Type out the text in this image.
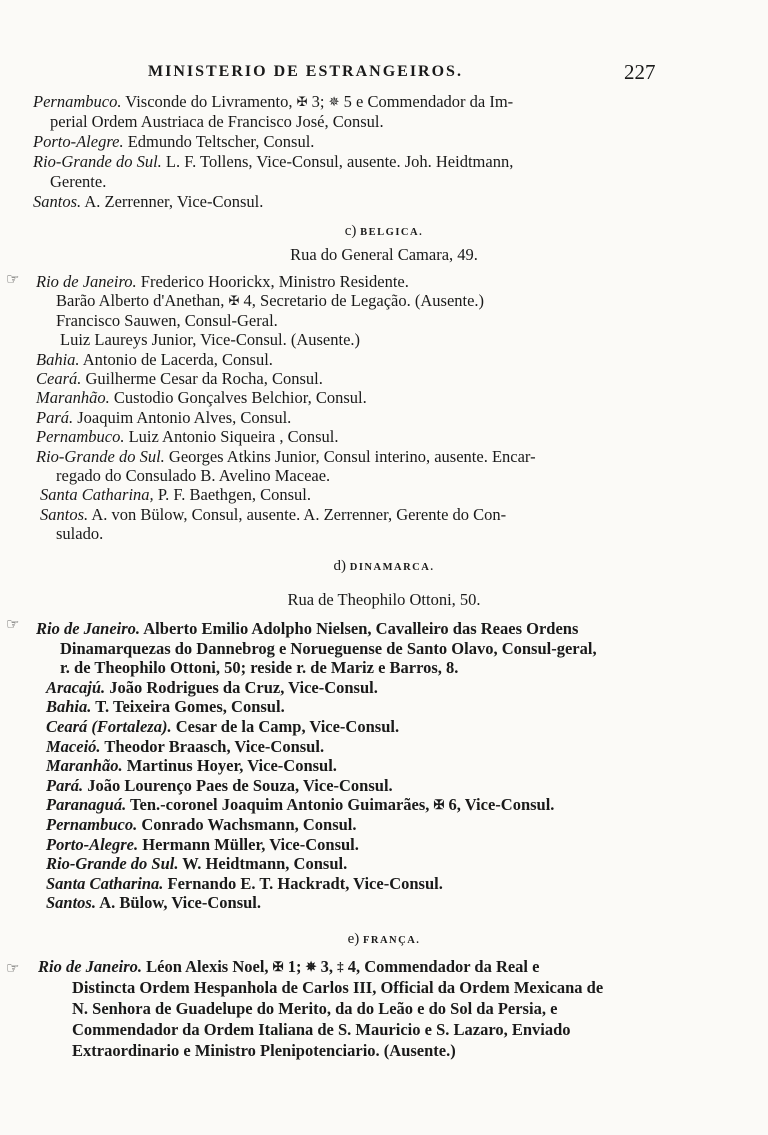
MINISTERIO DE ESTRANGEIROS.	227
Pernambuco. Visconde do Livramento, ✠ 3; ✵ 5 e Commendador da Im-
perial Ordem Austriaca de Francisco José, Consul.
Porto-Alegre. Edmundo Teltscher, Consul.
Rio-Grande do Sul. L. F. Tollens, Vice-Consul, ausente. Joh. Heidtmann,
Gerente.
Santos. A. Zerrenner, Vice-Consul.
c) BELGICA.
Rua do General Camara, 49.
☞ Rio de Janeiro. Frederico Hoorickx, Ministro Residente.
Barão Alberto d'Anethan, ✠ 4, Secretario de Legação. (Ausente.)
Francisco Sauwen, Consul-Geral.
Luiz Laureys Junior, Vice-Consul. (Ausente.)
Bahia. Antonio de Lacerda, Consul.
Ceará. Guilherme Cesar da Rocha, Consul.
Maranhão. Custodio Gonçalves Belchior, Consul.
Pará. Joaquim Antonio Alves, Consul.
Pernambuco. Luiz Antonio Siqueira , Consul.
Rio-Grande do Sul. Georges Atkins Junior, Consul interino, ausente. Encar-
regado do Consulado B. Avelino Maceae.
Santa Catharina, P. F. Baethgen, Consul.
Santos. A. von Bülow, Consul, ausente. A. Zerrenner, Gerente do Con-
sulado.
d) DINAMARCA.
Rua de Theophilo Ottoni, 50.
☞ Rio de Janeiro. Alberto Emilio Adolpho Nielsen, Cavalleiro das Reaes Ordens
Dinamarquezas do Dannebrog e Norueguense de Santo Olavo, Consul-geral,
r. de Theophilo Ottoni, 50; reside r. de Mariz e Barros, 8.
Aracajú. João Rodrigues da Cruz, Vice-Consul.
Bahia. T. Teixeira Gomes, Consul.
Ceará (Fortaleza). Cesar de la Camp, Vice-Consul.
Maceió. Theodor Braasch, Vice-Consul.
Maranhão. Martinus Hoyer, Vice-Consul.
Pará. João Lourenço Paes de Souza, Vice-Consul.
Paranaguá. Ten.-coronel Joaquim Antonio Guimarães, ✠ 6, Vice-Consul.
Pernambuco. Conrado Wachsmann, Consul.
Porto-Alegre. Hermann Müller, Vice-Consul.
Rio-Grande do Sul. W. Heidtmann, Consul.
Santa Catharina. Fernando E. T. Hackradt, Vice-Consul.
Santos. A. Bülow, Vice-Consul.
e) FRANÇA.
☞ Rio de Janeiro. Léon Alexis Noel, ✠ 1; ✵ 3, ‡ 4, Commendador da Real e
Distincta Ordem Hespanhola de Carlos III, Official da Ordem Mexicana de
N. Senhora de Guadelupe do Merito, da do Leão e do Sol da Persia, e
Commendador da Ordem Italiana de S. Mauricio e S. Lazaro, Enviado
Extraordinario e Ministro Plenipotenciario. (Ausente.)
